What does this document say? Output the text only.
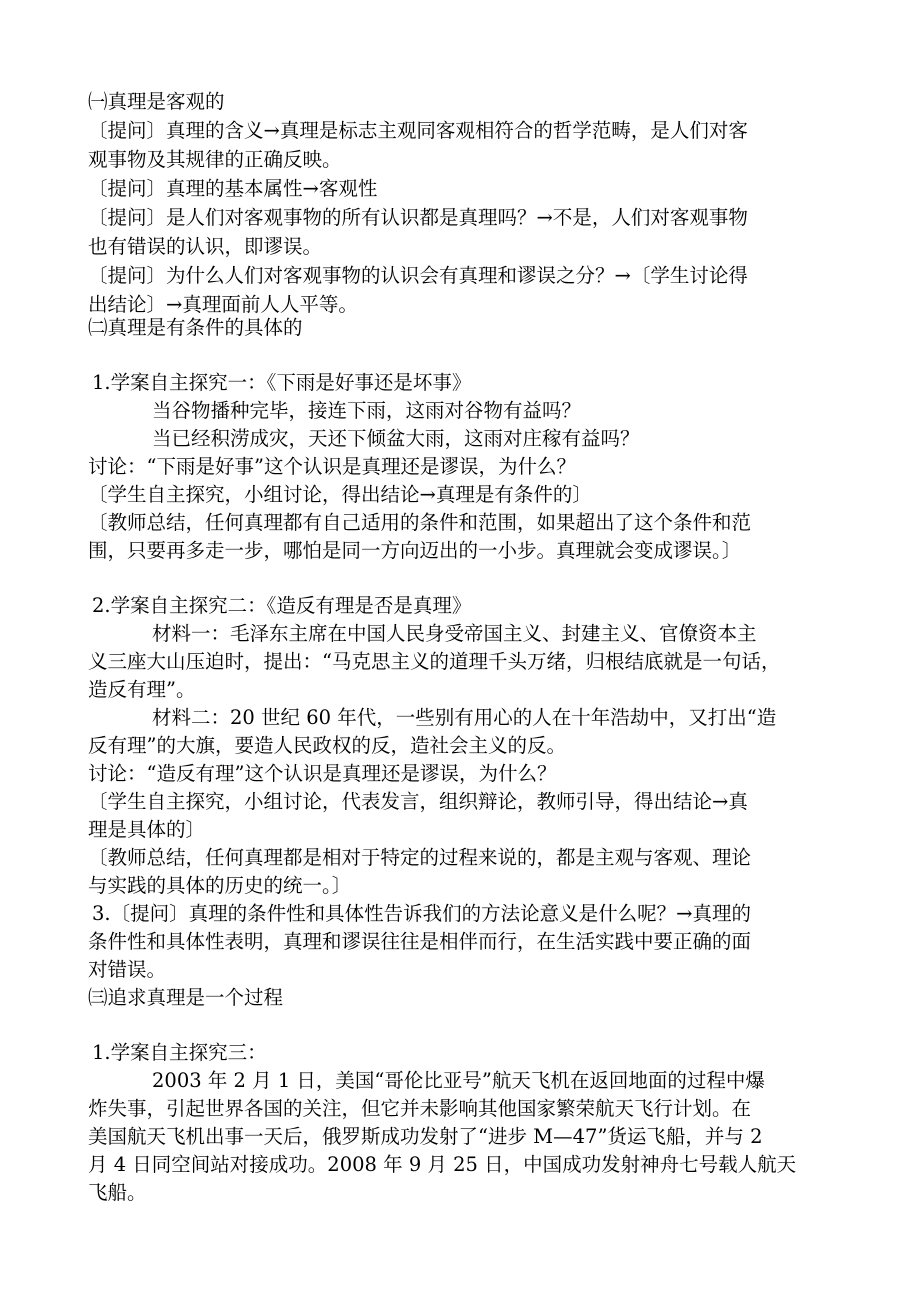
㈠真理是客观的
〔提问〕真理的含义→真理是标志主观同客观相符合的哲学范畴，是人们对客
观事物及其规律的正确反映。
〔提问〕真理的基本属性→客观性
〔提问〕是人们对客观事物的所有认识都是真理吗？→不是，人们对客观事物
也有错误的认识，即谬误。
〔提问〕为什么人们对客观事物的认识会有真理和谬误之分？→〔学生讨论得
出结论〕→真理面前人人平等。
㈡真理是有条件的具体的
1.学案自主探究一：《下雨是好事还是坏事》
当谷物播种完毕，接连下雨，这雨对谷物有益吗？
当已经积涝成灾，天还下倾盆大雨，这雨对庄稼有益吗？
讨论：“下雨是好事”这个认识是真理还是谬误，为什么？
〔学生自主探究，小组讨论，得出结论→真理是有条件的〕
〔教师总结，任何真理都有自己适用的条件和范围，如果超出了这个条件和范
围，只要再多走一步，哪怕是同一方向迈出的一小步。真理就会变成谬误。〕
2.学案自主探究二：《造反有理是否是真理》
材料一：毛泽东主席在中国人民身受帝国主义、封建主义、官僚资本主
义三座大山压迫时，提出：“马克思主义的道理千头万绪，归根结底就是一句话，
造反有理”。
材料二：20 世纪 60 年代，一些别有用心的人在十年浩劫中，又打出“造
反有理”的大旗，要造人民政权的反，造社会主义的反。
讨论：“造反有理”这个认识是真理还是谬误，为什么？
〔学生自主探究，小组讨论，代表发言，组织辩论，教师引导，得出结论→真
理是具体的〕
〔教师总结，任何真理都是相对于特定的过程来说的，都是主观与客观、理论
与实践的具体的历史的统一。〕
3.〔提问〕真理的条件性和具体性告诉我们的方法论意义是什么呢？→真理的
条件性和具体性表明，真理和谬误往往是相伴而行，在生活实践中要正确的面
对错误。
㈢追求真理是一个过程
1.学案自主探究三：
2003 年 2 月 1 日，美国“哥伦比亚号”航天飞机在返回地面的过程中爆
炸失事，引起世界各国的关注，但它并未影响其他国家繁荣航天飞行计划。在
美国航天飞机出事一天后，俄罗斯成功发射了“进步 M—47”货运飞船，并与 2
月 4 日同空间站对接成功。2008 年 9 月 25 日，中国成功发射神舟七号载人航天
飞船。
